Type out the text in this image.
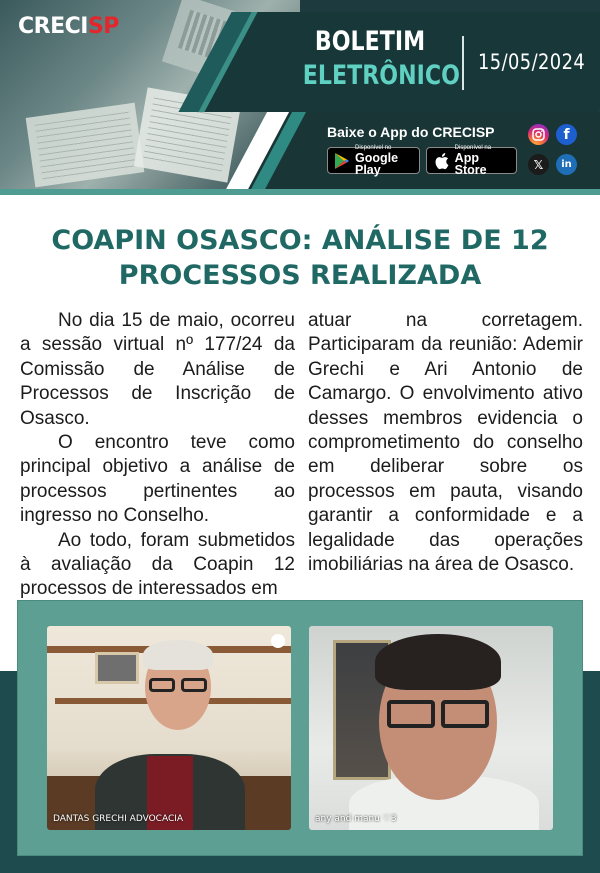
CRECISP	BOLETIM
ELETRÔNICO 15/05/2024
Baixe o App do CRECISP
Disponível no
Google Play
Disponível na
App Store
f
𝕏	in
COAPIN OSASCO: ANÁLISE DE 12 PROCESSOS REALIZADA

No dia 15 de maio, ocorreu a sessão virtual nº 177/24 da Comissão de Análise de Processos de Inscrição de Osasco.

O encontro teve como principal objetivo a análise de processos pertinentes ao ingresso no Conselho.

Ao todo, foram submetidos à avaliação da Coapin 12 processos de interessados em

atuar na corretagem. Participaram da reunião: Ademir Grechi e Ari Antonio de Camargo. O envolvimento ativo desses membros evidencia o comprometimento do conselho em deliberar sobre os processos em pauta, visando garantir a conformidade e a legalidade das operações imobiliárias na área de Osasco.

DANTAS GRECHI ADVOCACIA	any and manu ♡3
